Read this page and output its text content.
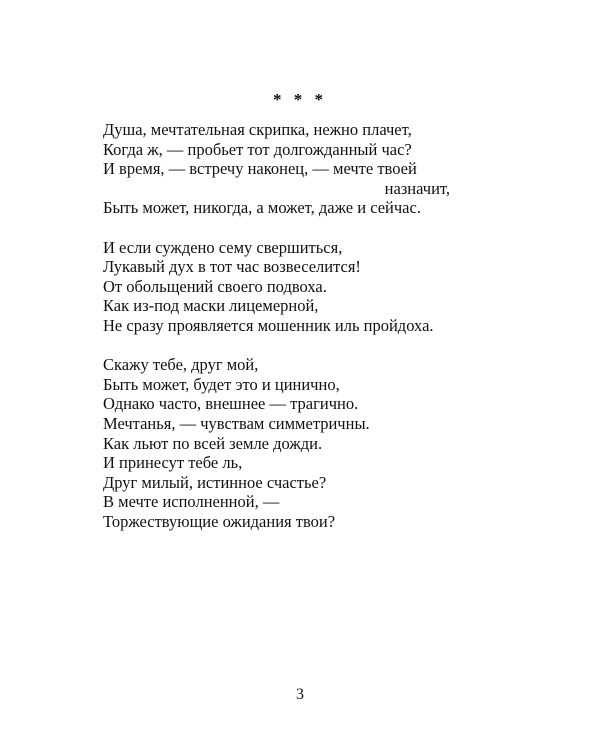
* * *
Душа, мечтательная скрипка, нежно плачет,
Когда ж, — пробьет тот долгожданный час?
И время, — встречу наконец, — мечте твоей
назначит,
Быть может, никогда, а может, даже и сейчас.
И если суждено сему свершиться,
Лукавый дух в тот час возвеселится!
От обольщений своего подвоха.
Как из-под маски лицемерной,
Не сразу проявляется мошенник иль пройдоха.
Скажу тебе, друг мой,
Быть может, будет это и цинично,
Однако часто, внешнее — трагично.
Мечтанья, — чувствам симметричны.
Как льют по всей земле дожди.
И принесут тебе ль,
Друг милый, истинное счастье?
В мечте исполненной, —
Торжествующие ожидания твои?
3
